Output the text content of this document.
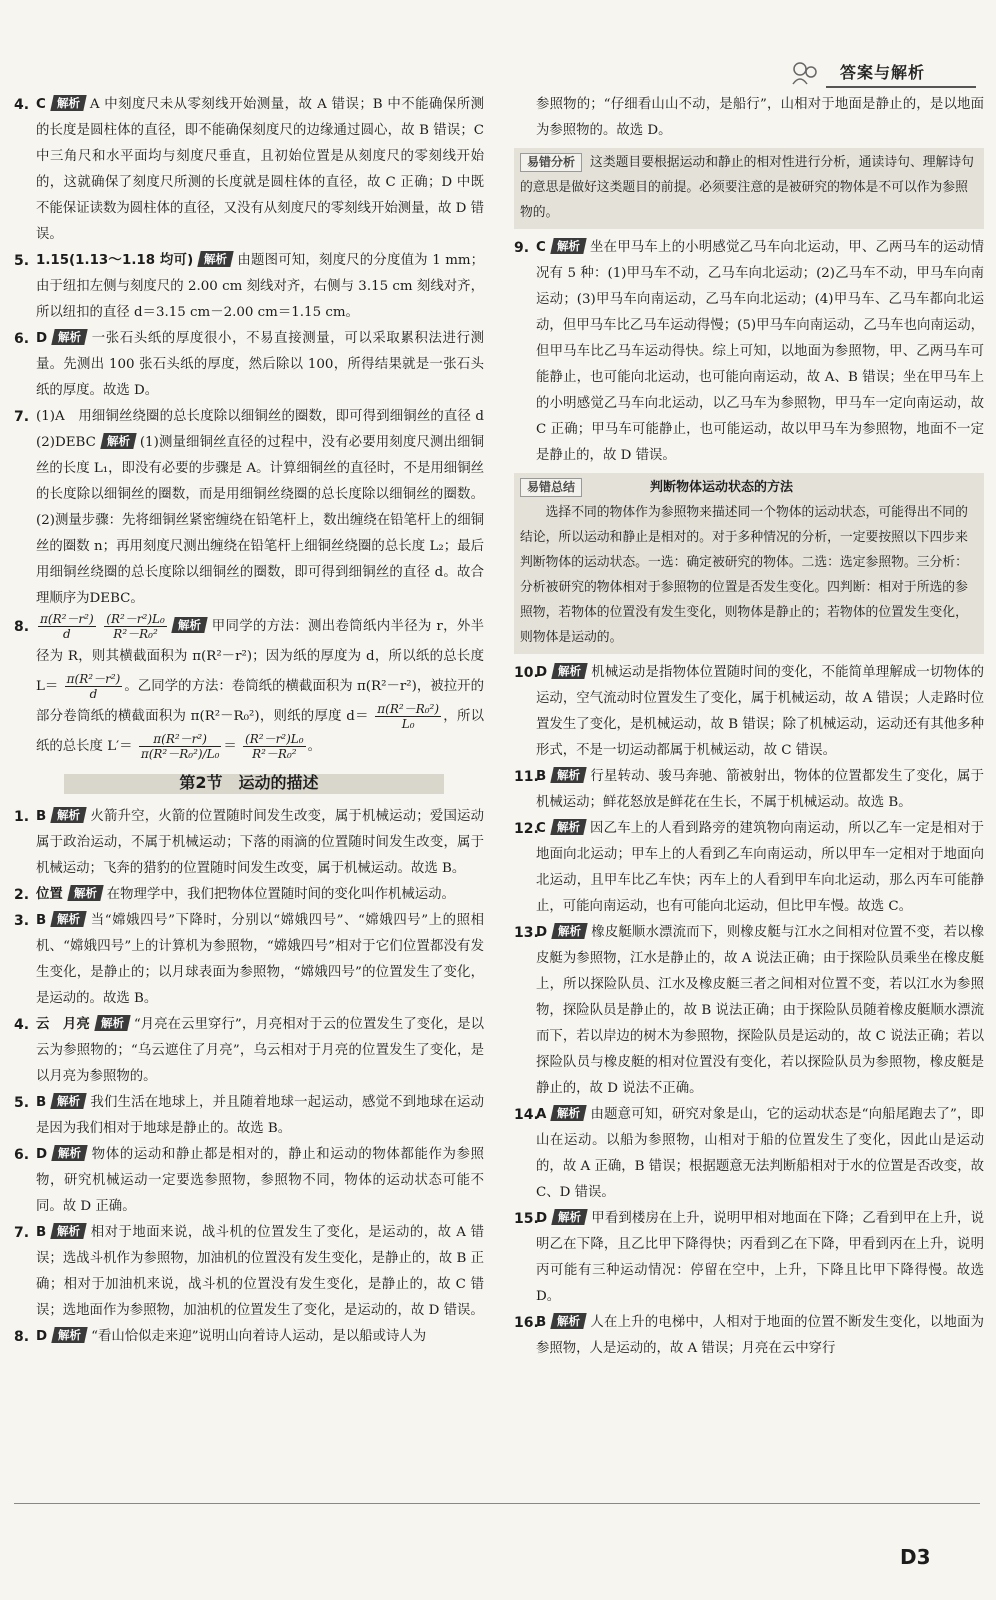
答案与解析

4. C 解析 A 中刻度尺未从零刻线开始测量，故 A 错误；B 中不能确保所测的长度是圆柱体的直径，即不能确保刻度尺的边缘通过圆心，故 B 错误；C 中三角尺和水平面均与刻度尺垂直，且初始位置是从刻度尺的零刻线开始的，这就确保了刻度尺所测的长度就是圆柱体的直径，故 C 正确；D 中既不能保证读数为圆柱体的直径，又没有从刻度尺的零刻线开始测量，故 D 错误。

5. 1.15(1.13～1.18 均可) 解析 由题图可知，刻度尺的分度值为 1 mm；由于纽扣左侧与刻度尺的 2.00 cm 刻线对齐，右侧与 3.15 cm 刻线对齐，所以纽扣的直径 d＝3.15 cm－2.00 cm＝1.15 cm。

6. D 解析 一张石头纸的厚度很小，不易直接测量，可以采取累积法进行测量。先测出 100 张石头纸的厚度，然后除以 100，所得结果就是一张石头纸的厚度。故选 D。

7. (1)A　用细铜丝绕圈的总长度除以细铜丝的圈数，即可得到细铜丝的直径 d　(2)DEBC 解析 (1)测量细铜丝直径的过程中，没有必要用刻度尺测出细铜丝的长度 L₁，即没有必要的步骤是 A。计算细铜丝的直径时，不是用细铜丝的长度除以细铜丝的圈数，而是用细铜丝绕圈的总长度除以细铜丝的圈数。(2)测量步骤：先将细铜丝紧密缠绕在铅笔杆上，数出缠绕在铅笔杆上的细铜丝的圈数 n；再用刻度尺测出缠绕在铅笔杆上细铜丝绕圈的总长度 L₂；最后用细铜丝绕圈的总长度除以细铜丝的圈数，即可得到细铜丝的直径 d。故合理顺序为DEBC。

8. $\frac{\text{π(R²－r²)}}{d}$
$\frac{\text{(R²－r²)L₀}}{\text{R²－R₀²}}$ 解析 甲同学的方法：测出卷筒纸内半径为 r，外半径为 R，则其横截面积为 π(R²－r²)；因为纸的厚度为 d，所以纸的总长度 $L= \frac{\text{π(R²－r²)}}{d}$ 。乙同学的方法：卷筒纸的横截面积为 π(R²－r²)，被拉开的部分卷筒纸的横截面积为 π(R²－R₀²)，则纸的厚度 $d= \frac{\text{π(R²－R₀²)}}{\text{L₀}}$ ，所以纸的总长度 $L'= \frac{\text{π(R²－r²)}}{\text{π(R²－R₀²)/L₀}} = \frac{\text{(R²－r²)L₀}}{\text{R²－R₀²}}$ 。

第2节　运动的描述

1. B 解析 火箭升空，火箭的位置随时间发生改变，属于机械运动；爱国运动属于政治运动，不属于机械运动；下落的雨滴的位置随时间发生改变，属于机械运动；飞奔的猎豹的位置随时间发生改变，属于机械运动。故选 B。

2. 位置 解析 在物理学中，我们把物体位置随时间的变化叫作机械运动。

3. B 解析 当“嫦娥四号”下降时，分别以“嫦娥四号”、“嫦娥四号”上的照相机、“嫦娥四号”上的计算机为参照物，“嫦娥四号”相对于它们位置都没有发生变化，是静止的；以月球表面为参照物，“嫦娥四号”的位置发生了变化，是运动的。故选 B。

4. 云　月亮 解析 “月亮在云里穿行”，月亮相对于云的位置发生了变化，是以云为参照物的；“乌云遮住了月亮”，乌云相对于月亮的位置发生了变化，是以月亮为参照物的。

5. B 解析 我们生活在地球上，并且随着地球一起运动，感觉不到地球在运动是因为我们相对于地球是静止的。故选 B。

6. D 解析 物体的运动和静止都是相对的，静止和运动的物体都能作为参照物，研究机械运动一定要选参照物，参照物不同，物体的运动状态可能不同。故 D 正确。

7. B 解析 相对于地面来说，战斗机的位置发生了变化，是运动的，故 A 错误；选战斗机作为参照物，加油机的位置没有发生变化，是静止的，故 B 正确；相对于加油机来说，战斗机的位置没有发生变化，是静止的，故 C 错误；选地面作为参照物，加油机的位置发生了变化，是运动的，故 D 错误。

8. D 解析 “看山恰似走来迎”说明山向着诗人运动，是以船或诗人为

参照物的；“仔细看山山不动，是船行”，山相对于地面是静止的，是以地面为参照物的。故选 D。

易错分析 这类题目要根据运动和静止的相对性进行分析，通读诗句、理解诗句的意思是做好这类题目的前提。必须要注意的是被研究的物体是不可以作为参照物的。

9. C 解析 坐在甲马车上的小明感觉乙马车向北运动，甲、乙两马车的运动情况有 5 种：(1)甲马车不动，乙马车向北运动；(2)乙马车不动，甲马车向南运动；(3)甲马车向南运动，乙马车向北运动；(4)甲马车、乙马车都向北运动，但甲马车比乙马车运动得慢；(5)甲马车向南运动，乙马车也向南运动，但甲马车比乙马车运动得快。综上可知，以地面为参照物，甲、乙两马车可能静止，也可能向北运动，也可能向南运动，故 A、B 错误；坐在甲马车上的小明感觉乙马车向北运动，以乙马车为参照物，甲马车一定向南运动，故 C 正确；甲马车可能静止，也可能运动，故以甲马车为参照物，地面不一定是静止的，故 D 错误。

易错总结	判断物体运动状态的方法
选择不同的物体作为参照物来描述同一个物体的运动状态，可能得出不同的结论，所以运动和静止是相对的。对于多种情况的分析，一定要按照以下四步来判断物体的运动状态。一选：确定被研究的物体。二选：选定参照物。三分析：分析被研究的物体相对于参照物的位置是否发生变化。四判断：相对于所选的参照物，若物体的位置没有发生变化，则物体是静止的；若物体的位置发生变化，则物体是运动的。

10.
D 解析 机械运动是指物体位置随时间的变化，不能简单理解成一切物体的运动，空气流动时位置发生了变化，属于机械运动，故 A 错误；人走路时位置发生了变化，是机械运动，故 B 错误；除了机械运动，运动还有其他多种形式，不是一切运动都属于机械运动，故 C 错误。

11.
B 解析 行星转动、骏马奔驰、箭被射出，物体的位置都发生了变化，属于机械运动；鲜花怒放是鲜花在生长，不属于机械运动。故选 B。

12.
C 解析 因乙车上的人看到路旁的建筑物向南运动，所以乙车一定是相对于地面向北运动；甲车上的人看到乙车向南运动，所以甲车一定相对于地面向北运动，且甲车比乙车快；丙车上的人看到甲车向北运动，那么丙车可能静止，可能向南运动，也有可能向北运动，但比甲车慢。故选 C。

13.
D 解析 橡皮艇顺水漂流而下，则橡皮艇与江水之间相对位置不变，若以橡皮艇为参照物，江水是静止的，故 A 说法正确；由于探险队员乘坐在橡皮艇上，所以探险队员、江水及橡皮艇三者之间相对位置不变，若以江水为参照物，探险队员是静止的，故 B 说法正确；由于探险队员随着橡皮艇顺水漂流而下，若以岸边的树木为参照物，探险队员是运动的，故 C 说法正确；若以探险队员与橡皮艇的相对位置没有变化，若以探险队员为参照物，橡皮艇是静止的，故 D 说法不正确。

14.
A 解析 由题意可知，研究对象是山，它的运动状态是“向船尾跑去了”，即山在运动。以船为参照物，山相对于船的位置发生了变化，因此山是运动的，故 A 正确，B 错误；根据题意无法判断船相对于水的位置是否改变，故 C、D 错误。

15.
D 解析 甲看到楼房在上升，说明甲相对地面在下降；乙看到甲在上升，说明乙在下降，且乙比甲下降得快；丙看到乙在下降，甲看到丙在上升，说明丙可能有三种运动情况：停留在空中，上升，下降且比甲下降得慢。故选 D。

16.
B 解析 人在上升的电梯中，人相对于地面的位置不断发生变化，以地面为参照物，人是运动的，故 A 错误；月亮在云中穿行

D3
